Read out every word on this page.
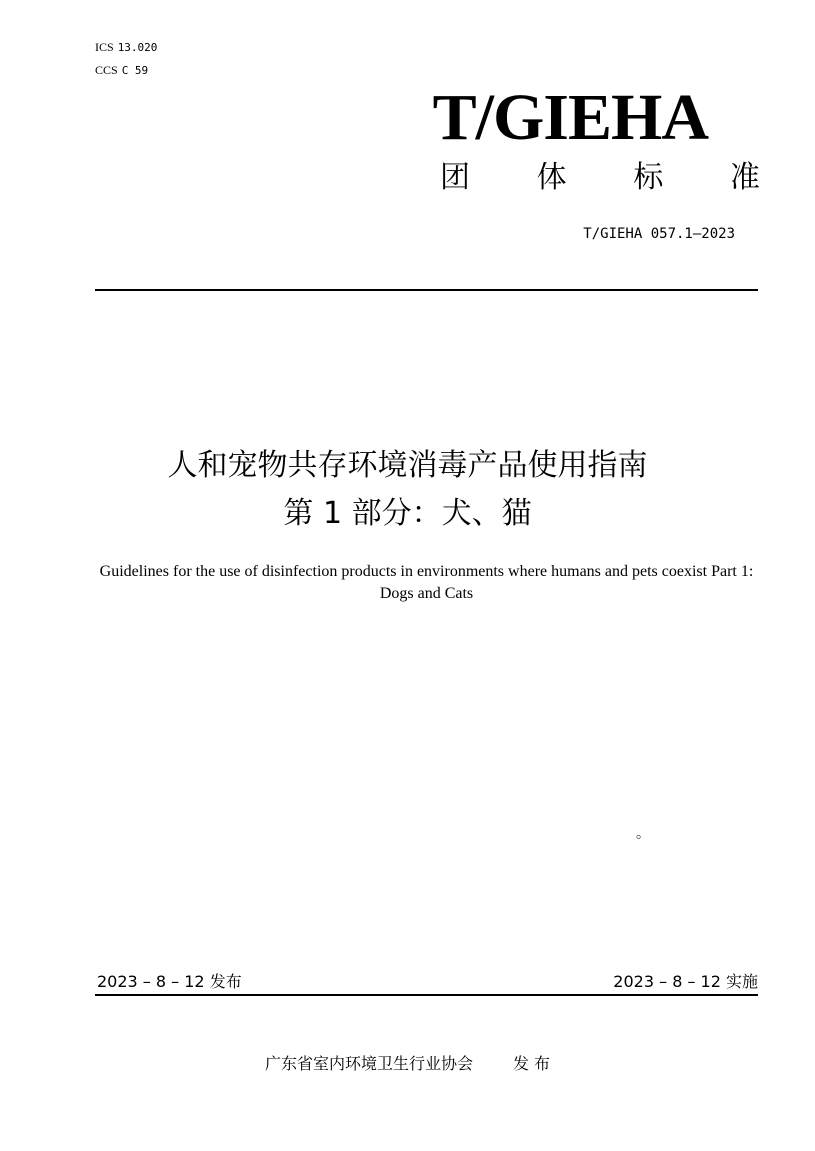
ICS 13.020
CCS C 59
T/GIEHA
团 体 标 准
T/GIEHA 057.1—2023
人和宠物共存环境消毒产品使用指南
第 1 部分：犬、猫
Guidelines for the use of disinfection products in environments where humans and pets coexist Part 1: Dogs and Cats
。
2023 – 8 – 12 发布	2023 – 8 – 12 实施
广东省室内环境卫生行业协会	发 布
